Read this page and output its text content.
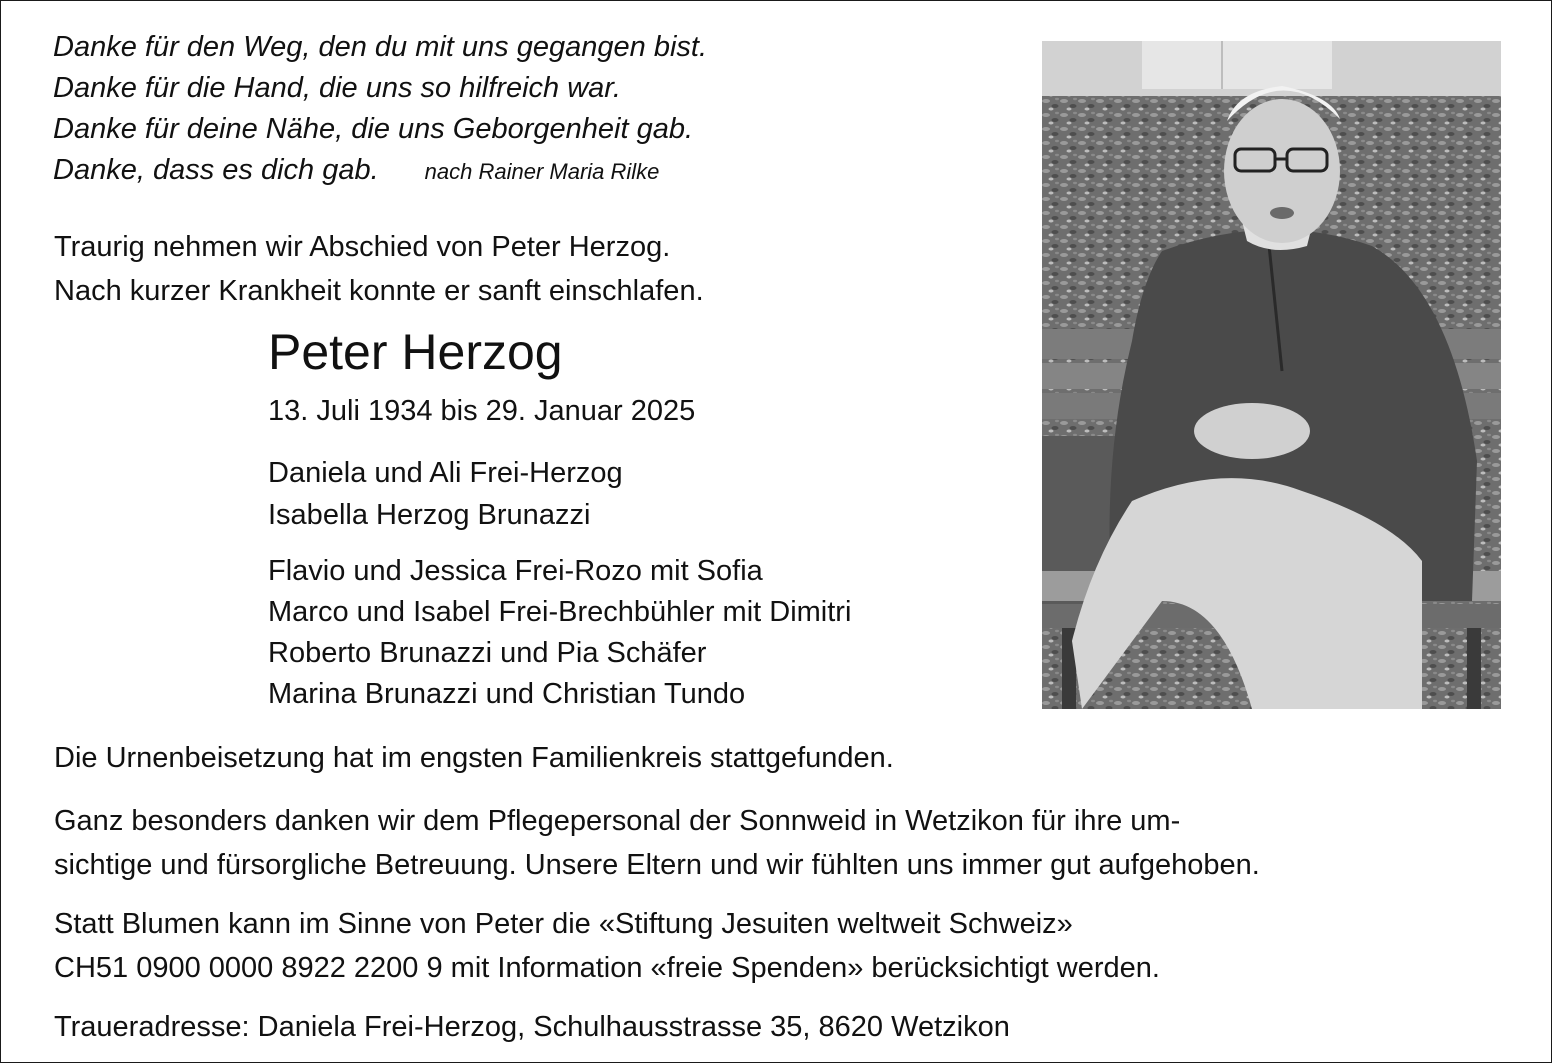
Danke für den Weg, den du mit uns gegangen bist.
Danke für die Hand, die uns so hilfreich war.
Danke für deine Nähe, die uns Geborgenheit gab.
Danke, dass es dich gab. nach Rainer Maria Rilke
Traurig nehmen wir Abschied von Peter Herzog.
Nach kurzer Krankheit konnte er sanft einschlafen.
Peter Herzog
13. Juli 1934 bis 29. Januar 2025
Daniela und Ali Frei-Herzog
Isabella Herzog Brunazzi
Flavio und Jessica Frei-Rozo mit Sofia
Marco und Isabel Frei-Brechbühler mit Dimitri
Roberto Brunazzi und Pia Schäfer
Marina Brunazzi und Christian Tundo
Die Urnenbeisetzung hat im engsten Familienkreis stattgefunden.
Ganz besonders danken wir dem Pflegepersonal der Sonnweid in Wetzikon für ihre um-
sichtige und fürsorgliche Betreuung. Unsere Eltern und wir fühlten uns immer gut aufgehoben.
Statt Blumen kann im Sinne von Peter die «Stiftung Jesuiten weltweit Schweiz»
CH51 0900 0000 8922 2200 9 mit Information «freie Spenden» berücksichtigt werden.
Traueradresse: Daniela Frei-Herzog, Schulhausstrasse 35, 8620 Wetzikon
